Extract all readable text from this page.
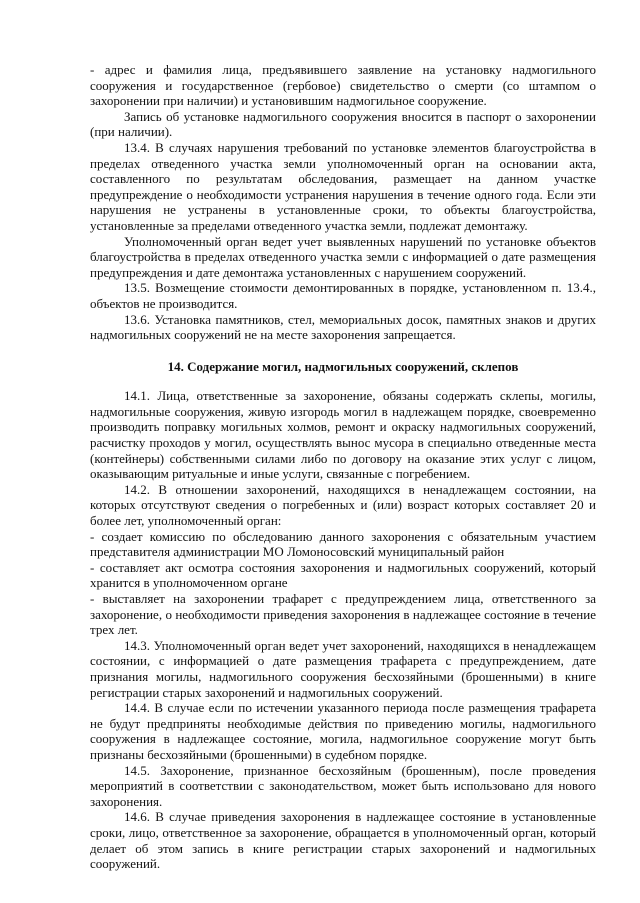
- адрес и фамилия лица, предъявившего заявление на установку надмогильного сооружения и государственное (гербовое) свидетельство о смерти (со штампом о захоронении при наличии) и установившим надмогильное сооружение.

Запись об установке надмогильного сооружения вносится в паспорт о захоронении (при наличии).

13.4. В случаях нарушения требований по установке элементов благоустройства в пределах отведенного участка земли уполномоченный орган на основании акта, составленного по результатам обследования, размещает на данном участке предупреждение о необходимости устранения нарушения в течение одного года. Если эти нарушения не устранены в установленные сроки, то объекты благоустройства, установленные за пределами отведенного участка земли, подлежат демонтажу.

Уполномоченный орган ведет учет выявленных нарушений по установке объектов благоустройства в пределах отведенного участка земли с информацией о дате размещения предупреждения и дате демонтажа установленных с нарушением сооружений.

13.5. Возмещение стоимости демонтированных в порядке, установленном п. 13.4., объектов не производится.

13.6. Установка памятников, стел, мемориальных досок, памятных знаков и других надмогильных сооружений не на месте захоронения запрещается.

14. Содержание могил, надмогильных сооружений, склепов

14.1. Лица, ответственные за захоронение, обязаны содержать склепы, могилы, надмогильные сооружения, живую изгородь могил в надлежащем порядке, своевременно производить поправку могильных холмов, ремонт и окраску надмогильных сооружений, расчистку проходов у могил, осуществлять вынос мусора в специально отведенные места (контейнеры) собственными силами либо по договору на оказание этих услуг с лицом, оказывающим ритуальные и иные услуги, связанные с погребением.

14.2. В отношении захоронений, находящихся в ненадлежащем состоянии, на которых отсутствуют сведения о погребенных и (или) возраст которых составляет 20 и более лет, уполномоченный орган:

- создает комиссию по обследованию данного захоронения с обязательным участием представителя администрации МО Ломоносовский муниципальный район

- составляет акт осмотра состояния захоронения и надмогильных сооружений, который хранится в уполномоченном органе

- выставляет на захоронении трафарет с предупреждением лица, ответственного за захоронение, о необходимости приведения захоронения в надлежащее состояние в течение трех лет.

14.3. Уполномоченный орган ведет учет захоронений, находящихся в ненадлежащем состоянии, с информацией о дате размещения трафарета с предупреждением, дате признания могилы, надмогильного сооружения бесхозяйными (брошенными) в книге регистрации старых захоронений и надмогильных сооружений.

14.4. В случае если по истечении указанного периода после размещения трафарета не будут предприняты необходимые действия по приведению могилы, надмогильного сооружения в надлежащее состояние, могила, надмогильное сооружение могут быть признаны бесхозяйными (брошенными) в судебном порядке.

14.5. Захоронение, признанное бесхозяйным (брошенным), после проведения мероприятий в соответствии с законодательством, может быть использовано для нового захоронения.

14.6. В случае приведения захоронения в надлежащее состояние в установленные сроки, лицо, ответственное за захоронение, обращается в уполномоченный орган, который делает об этом запись в книге регистрации старых захоронений и надмогильных сооружений.
